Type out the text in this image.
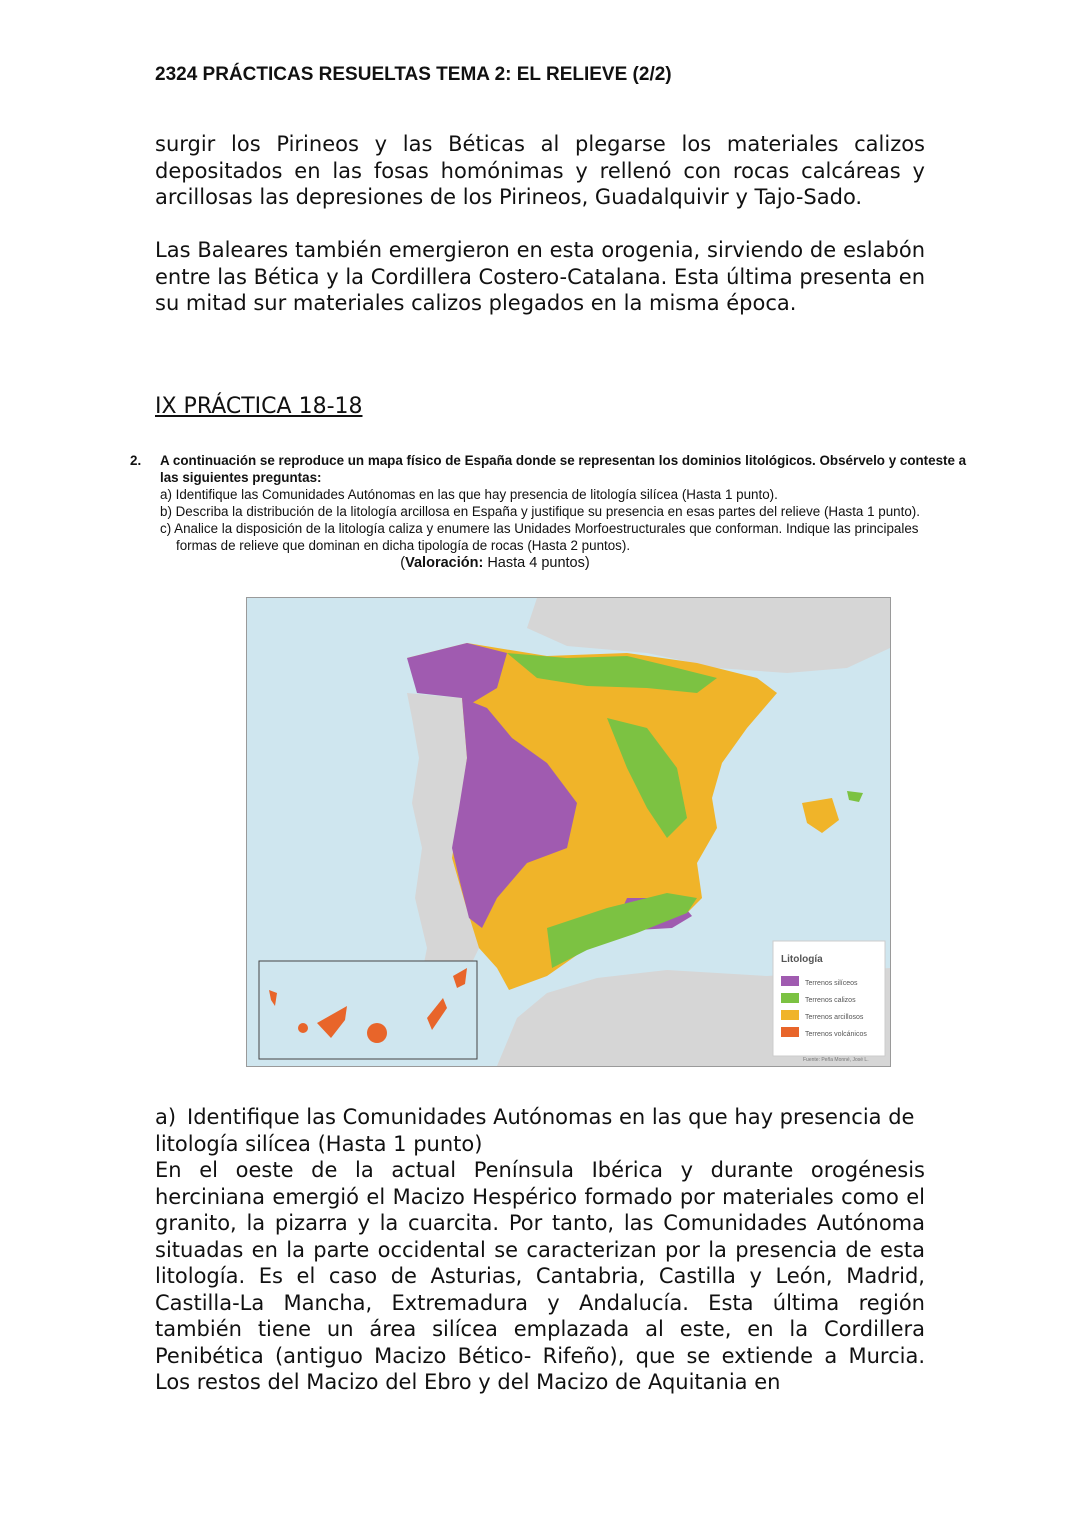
2324 PRÁCTICAS RESUELTAS TEMA 2: EL RELIEVE (2/2)

surgir los Pirineos y las Béticas al plegarse los materiales calizos depositados en las fosas homónimas y rellenó con rocas calcáreas y arcillosas las depresiones de los Pirineos, Guadalquivir y Tajo-Sado.

Las Baleares también emergieron en esta orogenia, sirviendo de eslabón entre las Bética y la Cordillera Costero-Catalana. Esta última presenta en su mitad sur materiales calizos plegados en la misma época.

IX PRÁCTICA 18-18
2. A continuación se reproduce un mapa físico de España donde se representan los dominios litológicos. Obsérvelo y conteste a las siguientes preguntas:
a) Identifique las Comunidades Autónomas en las que hay presencia de litología silícea (Hasta 1 punto).
b) Describa la distribución de la litología arcillosa en España y justifique su presencia en esas partes del relieve (Hasta 1 punto).
c) Analice la disposición de la litología caliza y enumere las Unidades Morfoestructurales que conforman. Indique las principales
formas de relieve que dominan en dicha tipología de rocas (Hasta 2 puntos).
(Valoración: Hasta 4 puntos)
Litología
Terrenos silíceos
Terrenos calizos
Terrenos arcillosos
Terrenos volcánicos
Fuente: Peña Monné, José L.
a) Identifique las Comunidades Autónomas en las que hay presencia de litología silícea (Hasta 1 punto)
En el oeste de la actual Península Ibérica y durante orogénesis herciniana emergió el Macizo Hespérico formado por materiales como el granito, la pizarra y la cuarcita. Por tanto, las Comunidades Autónoma situadas en la parte occidental se caracterizan por la presencia de esta litología. Es el caso de Asturias, Cantabria, Castilla y León, Madrid, Castilla-La Mancha, Extremadura y Andalucía. Esta última región también tiene un área silícea emplazada al este, en la Cordillera Penibética (antiguo Macizo Bético- Rifeño), que se extiende a Murcia. Los restos del Macizo del Ebro y del Macizo de Aquitania en
